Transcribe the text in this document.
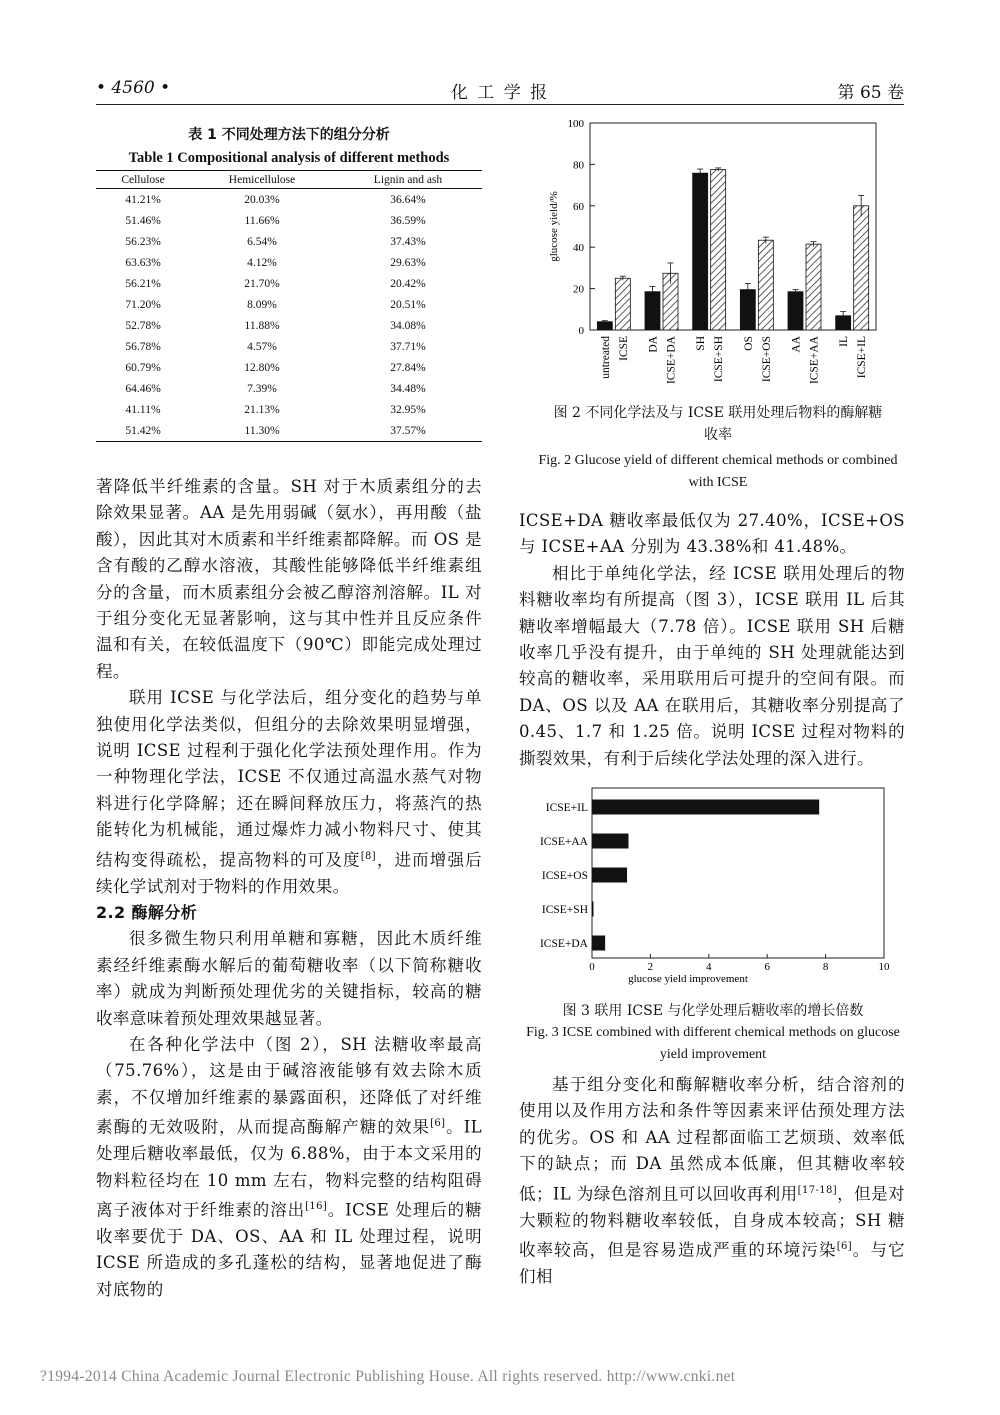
• 4560 •	化 工 学 报	第 65 卷
表 1 不同处理方法下的组分分析
Table 1 Compositional analysis of different methods
Cellulose	Hemicellulose	Lignin and ash
41.21%	20.03%	36.64%
51.46%	11.66%	36.59%
56.23%	6.54%	37.43%
63.63%	4.12%	29.63%
56.21%	21.70%	20.42%
71.20%	8.09%	20.51%
52.78%	11.88%	34.08%
56.78%	4.57%	37.71%
60.79%	12.80%	27.84%
64.46%	7.39%	34.48%
41.11%	21.13%	32.95%
51.42%	11.30%	37.57%

著降低半纤维素的含量。SH 对于木质素组分的去除效果显著。AA 是先用弱碱（氨水），再用酸（盐酸），因此其对木质素和半纤维素都降解。而 OS 是含有酸的乙醇水溶液，其酸性能够降低半纤维素组分的含量，而木质素组分会被乙醇溶剂溶解。IL 对于组分变化无显著影响，这与其中性并且反应条件温和有关，在较低温度下（90℃）即能完成处理过程。

联用 ICSE 与化学法后，组分变化的趋势与单独使用化学法类似，但组分的去除效果明显增强，说明 ICSE 过程利于强化化学法预处理作用。作为一种物理化学法，ICSE 不仅通过高温水蒸气对物料进行化学降解；还在瞬间释放压力，将蒸汽的热能转化为机械能，通过爆炸力减小物料尺寸、使其结构变得疏松，提高物料的可及度[8]，进而增强后续化学试剂对于物料的作用效果。

2.2 酶解分析

很多微生物只利用单糖和寡糖，因此木质纤维素经纤维素酶水解后的葡萄糖收率（以下简称糖收率）就成为判断预处理优劣的关键指标，较高的糖收率意味着预处理效果越显著。

在各种化学法中（图 2），SH 法糖收率最高（75.76%），这是由于碱溶液能够有效去除木质素，不仅增加纤维素的暴露面积，还降低了对纤维素酶的无效吸附，从而提高酶解产糖的效果[6]。IL 处理后糖收率最低，仅为 6.88%，由于本文采用的物料粒径均在 10 mm 左右，物料完整的结构阻碍离子液体对于纤维素的溶出[16]。ICSE 处理后的糖收率要优于 DA、OS、AA 和 IL 处理过程，说明 ICSE 所造成的多孔蓬松的结构，显著地促进了酶对底物的

0
20
40
60
80
100
glucose yield/%
untreated ICSE DA ICSE+DA SH ICSE+SH OS ICSE+OS AA ICSE+AA IL ICSE+IL
图 2 不同化学法及与 ICSE 联用处理后物料的酶解糖收率
Fig. 2 Glucose yield of different chemical methods or combined with ICSE

ICSE+DA 糖收率最低仅为 27.40%，ICSE+OS 与 ICSE+AA 分别为 43.38%和 41.48%。

相比于单纯化学法，经 ICSE 联用处理后的物料糖收率均有所提高（图 3），ICSE 联用 IL 后其糖收率增幅最大（7.78 倍）。ICSE 联用 SH 后糖收率几乎没有提升，由于单纯的 SH 处理就能达到较高的糖收率，采用联用后可提升的空间有限。而 DA、OS 以及 AA 在联用后，其糖收率分别提高了 0.45、1.7 和 1.25 倍。说明 ICSE 过程对物料的撕裂效果，有利于后续化学法处理的深入进行。

0	2	4	6	8	10
glucose yield improvement
ICSE+IL
ICSE+AA
ICSE+OS
ICSE+SH
ICSE+DA
图 3 联用 ICSE 与化学处理后糖收率的增长倍数
Fig. 3 ICSE combined with different chemical methods on glucose yield improvement

基于组分变化和酶解糖收率分析，结合溶剂的使用以及作用方法和条件等因素来评估预处理方法的优劣。OS 和 AA 过程都面临工艺烦琐、效率低下的缺点；而 DA 虽然成本低廉，但其糖收率较低；IL 为绿色溶剂且可以回收再利用[17-18]，但是对大颗粒的物料糖收率较低，自身成本较高；SH 糖收率较高，但是容易造成严重的环境污染[6]。与它们相

?1994-2014 China Academic Journal Electronic Publishing House. All rights reserved. http://www.cnki.net
